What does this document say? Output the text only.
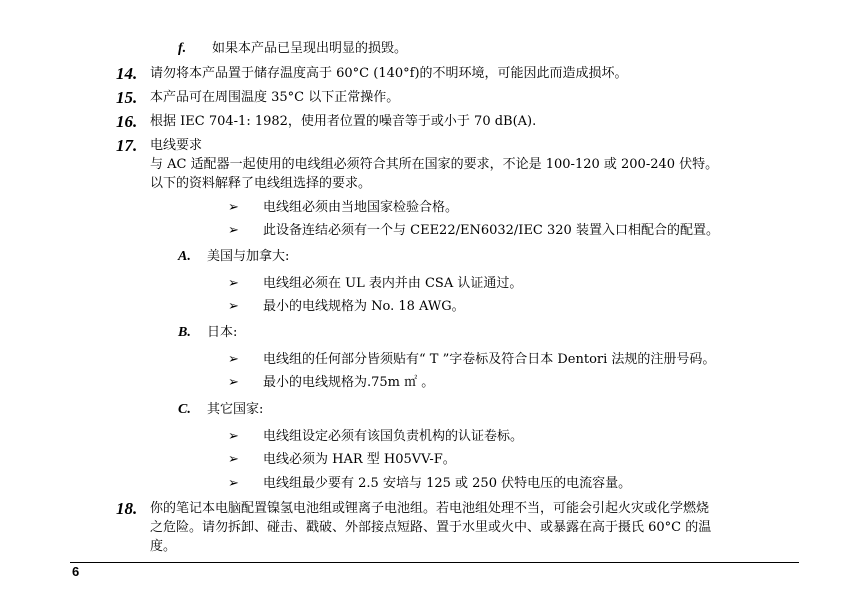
f. 如果本产品已呈现出明显的损毁。
14. 请勿将本产品置于储存温度高于 60°C (140°f)的不明环境，可能因此而造成损坏。
15. 本产品可在周围温度 35°C 以下正常操作。
16. 根据 IEC 704-1: 1982，使用者位置的噪音等于或小于 70 dB(A).
17. 电线要求
与 AC 适配器一起使用的电线组必须符合其所在国家的要求，不论是 100-120 或 200-240 伏特。
以下的资料解释了电线组选择的要求。
➢ 电线组必须由当地国家检验合格。
➢ 此设备连结必须有一个与 CEE22/EN6032/IEC 320 装置入口相配合的配置。
A. 美国与加拿大:
➢ 电线组必须在 UL 表内并由 CSA 认证通过。
➢ 最小的电线规格为 No. 18 AWG。
B. 日本:
➢ 电线组的任何部分皆须贴有“ T ”字卷标及符合日本 Dentori 法规的注册号码。
➢ 最小的电线规格为.75m ㎡ 。
C. 其它国家:
➢ 电线组设定必须有该国负责机构的认证卷标。
➢ 电线必须为 HAR 型 H05VV-F。
➢ 电线组最少要有 2.5 安培与 125 或 250 伏特电压的电流容量。
18. 你的笔记本电脑配置镍氢电池组或锂离子电池组。若电池组处理不当，可能会引起火灾或化学燃烧
之危险。请勿拆卸、碰击、戳破、外部接点短路、置于水里或火中、或暴露在高于摄氏 60°C 的温
度。
6
